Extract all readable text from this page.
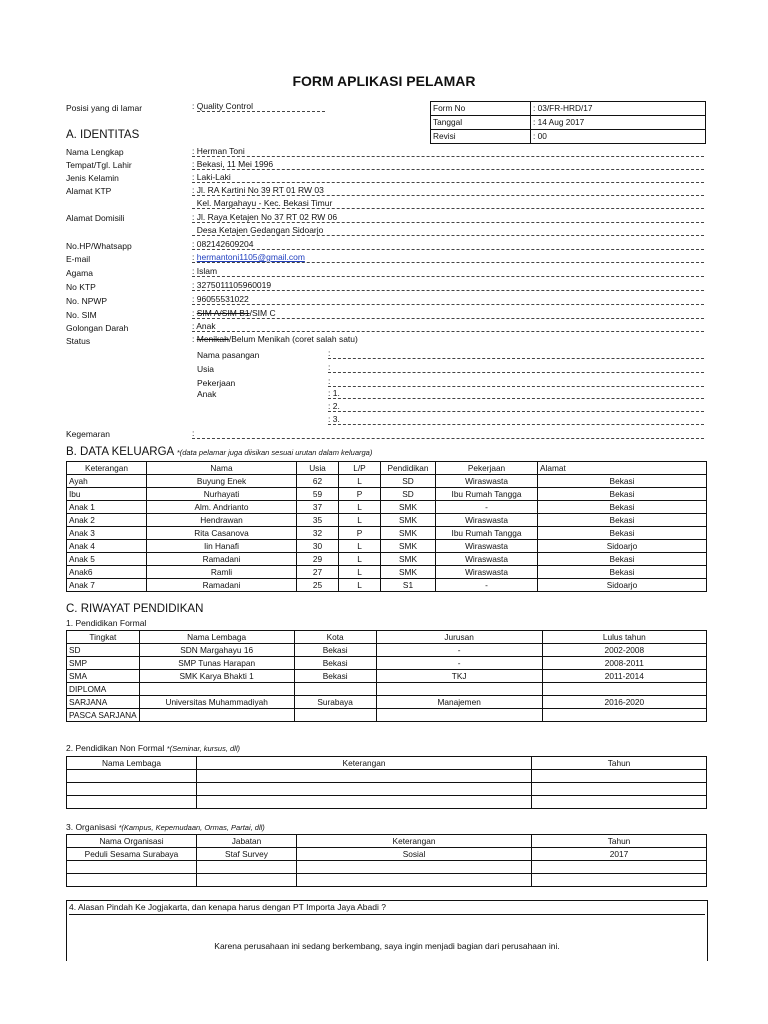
FORM APLIKASI PELAMAR
Posisi yang di lamar	: Quality Control	Form No	: 03/FR-HRD/17
Tanggal	: 14 Aug 2017
Revisi	: 00
A. IDENTITAS
Nama Lengkap	: Herman Toni
Tempat/Tgl. Lahir	: Bekasi, 11 Mei 1996
Jenis Kelamin	: Laki-Laki
Alamat KTP	: Jl. RA Kartini No 39 RT 01 RW 03
Kel. Margahayu - Kec. Bekasi Timur
Alamat Domisili	: Jl. Raya Ketajen No 37 RT 02 RW 06
Desa Ketajen Gedangan Sidoarjo
No.HP/Whatsapp	: 082142609204
E-mail	: hermantoni1105@gmail.com
Agama	: Islam
No KTP	: 3275011105960019
No. NPWP	: 96055531022
No. SIM	: SIM A/SIM B1/SIM C
Golongan Darah	: Anak
Status	: Menikah/Belum Menikah (coret salah satu)
Nama pasangan	:
Usia	:
Pekerjaan	:
Anak	: 1.
: 2.
: 3.
Kegemaran	:
B. DATA KELUARGA *(data pelamar juga diisikan sesuai urutan dalam keluarga)
Keterangan	Nama	Usia	L/P	Pendidikan	Pekerjaan	Alamat
Ayah	Buyung Enek	62	L	SD	Wiraswasta	Bekasi
Ibu	Nurhayati	59	P	SD	Ibu Rumah Tangga	Bekasi
Anak 1	Alm. Andrianto	37	L	SMK	-	Bekasi
Anak 2	Hendrawan	35	L	SMK	Wiraswasta	Bekasi
Anak 3	Rita Casanova	32	P	SMK	Ibu Rumah Tangga	Bekasi
Anak 4	Iin Hanafi	30	L	SMK	Wiraswasta	Sidoarjo
Anak 5	Ramadani	29	L	SMK	Wiraswasta	Bekasi
Anak6	Ramli	27	L	SMK	Wiraswasta	Bekasi
Anak 7	Ramadani	25	L	S1	-	Sidoarjo
C. RIWAYAT PENDIDIKAN
1. Pendidikan Formal
Tingkat	Nama Lembaga	Kota	Jurusan	Lulus tahun
SD	SDN Margahayu 16	Bekasi	-	2002-2008
SMP	SMP Tunas Harapan	Bekasi	-	2008-2011
SMA	SMK Karya Bhakti 1	Bekasi	TKJ	2011-2014
DIPLOMA				
SARJANA	Universitas Muhammadiyah	Surabaya	Manajemen	2016-2020
PASCA SARJANA				
2. Pendidikan Non Formal *(Seminar, kursus, dll)
Nama Lembaga	Keterangan	Tahun

3. Organisasi *(Kampus, Kepemudaan, Ormas, Partai, dll)
Nama Organisasi	Jabatan	Keterangan	Tahun
Peduli Sesama Surabaya	Staf Survey	Sosial	2017

4. Alasan Pindah Ke Jogjakarta, dan kenapa harus dengan PT Importa Jaya Abadi ?
Karena perusahaan ini sedang berkembang, saya ingin menjadi bagian dari perusahaan ini.
